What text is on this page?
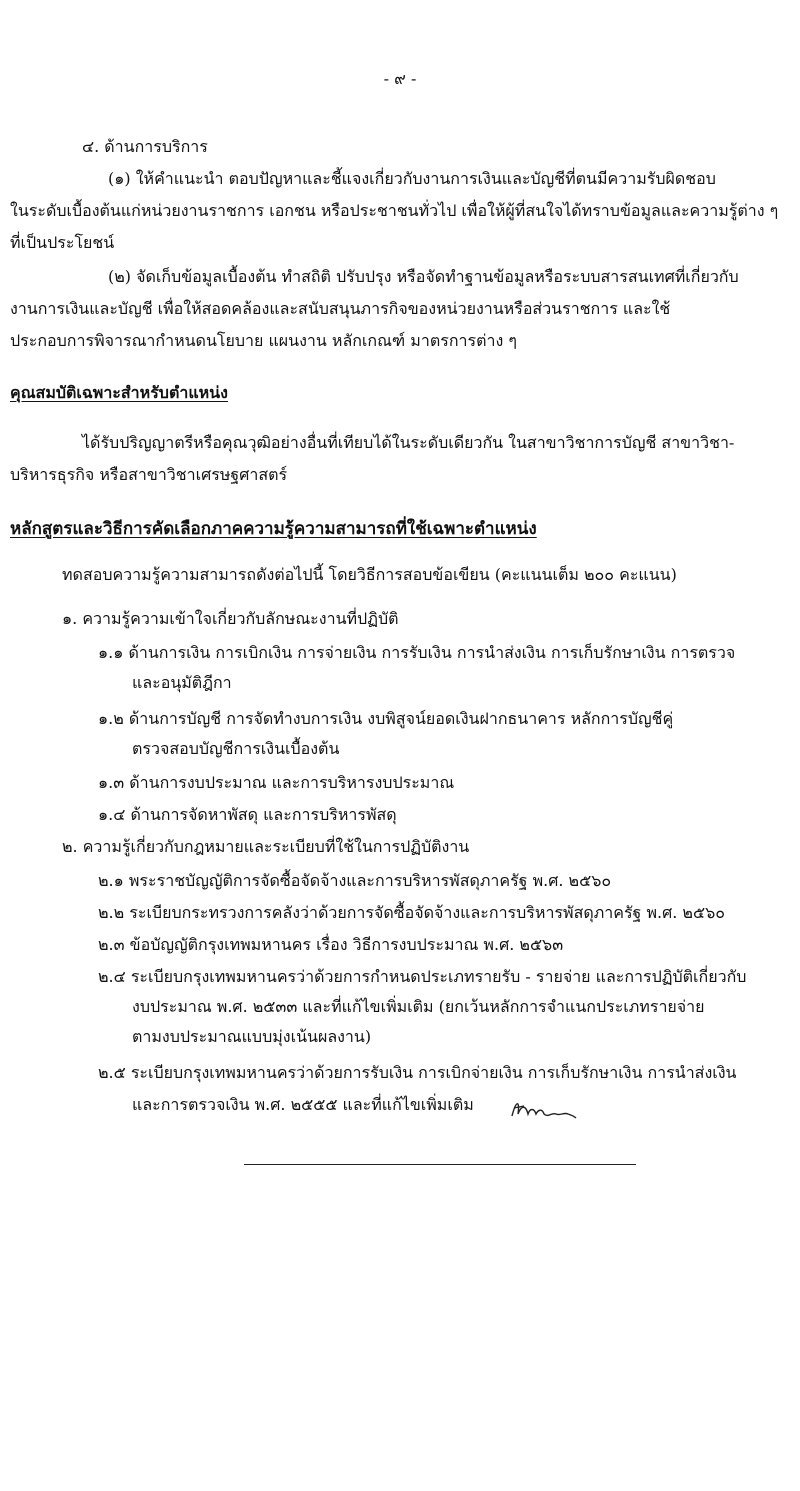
- ๙ -
๔. ด้านการบริการ
(๑) ให้คำแนะนำ ตอบปัญหาและชี้แจงเกี่ยวกับงานการเงินและบัญชีที่ตนมีความรับผิดชอบ
ในระดับเบื้องต้นแก่หน่วยงานราชการ เอกชน หรือประชาชนทั่วไป เพื่อให้ผู้ที่สนใจได้ทราบข้อมูลและความรู้ต่าง ๆ
ที่เป็นประโยชน์
(๒) จัดเก็บข้อมูลเบื้องต้น ทำสถิติ ปรับปรุง หรือจัดทำฐานข้อมูลหรือระบบสารสนเทศที่เกี่ยวกับ
งานการเงินและบัญชี เพื่อให้สอดคล้องและสนับสนุนภารกิจของหน่วยงานหรือส่วนราชการ และใช้
ประกอบการพิจารณากำหนดนโยบาย แผนงาน หลักเกณฑ์ มาตรการต่าง ๆ
คุณสมบัติเฉพาะสำหรับตำแหน่ง
ได้รับปริญญาตรีหรือคุณวุฒิอย่างอื่นที่เทียบได้ในระดับเดียวกัน ในสาขาวิชาการบัญชี สาขาวิชา-
บริหารธุรกิจ หรือสาขาวิชาเศรษฐศาสตร์
หลักสูตรและวิธีการคัดเลือกภาคความรู้ความสามารถที่ใช้เฉพาะตำแหน่ง
ทดสอบความรู้ความสามารถดังต่อไปนี้ โดยวิธีการสอบข้อเขียน (คะแนนเต็ม ๒๐๐ คะแนน)
๑. ความรู้ความเข้าใจเกี่ยวกับลักษณะงานที่ปฏิบัติ
๑.๑ ด้านการเงิน การเบิกเงิน การจ่ายเงิน การรับเงิน การนำส่งเงิน การเก็บรักษาเงิน การตรวจ
และอนุมัติฎีกา
๑.๒ ด้านการบัญชี การจัดทำงบการเงิน งบพิสูจน์ยอดเงินฝากธนาคาร หลักการบัญชีคู่
ตรวจสอบบัญชีการเงินเบื้องต้น
๑.๓ ด้านการงบประมาณ และการบริหารงบประมาณ
๑.๔ ด้านการจัดหาพัสดุ และการบริหารพัสดุ
๒. ความรู้เกี่ยวกับกฎหมายและระเบียบที่ใช้ในการปฏิบัติงาน
๒.๑ พระราชบัญญัติการจัดซื้อจัดจ้างและการบริหารพัสดุภาครัฐ พ.ศ. ๒๕๖๐
๒.๒ ระเบียบกระทรวงการคลังว่าด้วยการจัดซื้อจัดจ้างและการบริหารพัสดุภาครัฐ พ.ศ. ๒๕๖๐
๒.๓ ข้อบัญญัติกรุงเทพมหานคร เรื่อง วิธีการงบประมาณ พ.ศ. ๒๕๖๓
๒.๔ ระเบียบกรุงเทพมหานครว่าด้วยการกำหนดประเภทรายรับ - รายจ่าย และการปฏิบัติเกี่ยวกับ
งบประมาณ พ.ศ. ๒๕๓๓ และที่แก้ไขเพิ่มเติม (ยกเว้นหลักการจำแนกประเภทรายจ่าย
ตามงบประมาณแบบมุ่งเน้นผลงาน)
๒.๕ ระเบียบกรุงเทพมหานครว่าด้วยการรับเงิน การเบิกจ่ายเงิน การเก็บรักษาเงิน การนำส่งเงิน
และการตรวจเงิน พ.ศ. ๒๕๕๕ และที่แก้ไขเพิ่มเติม
